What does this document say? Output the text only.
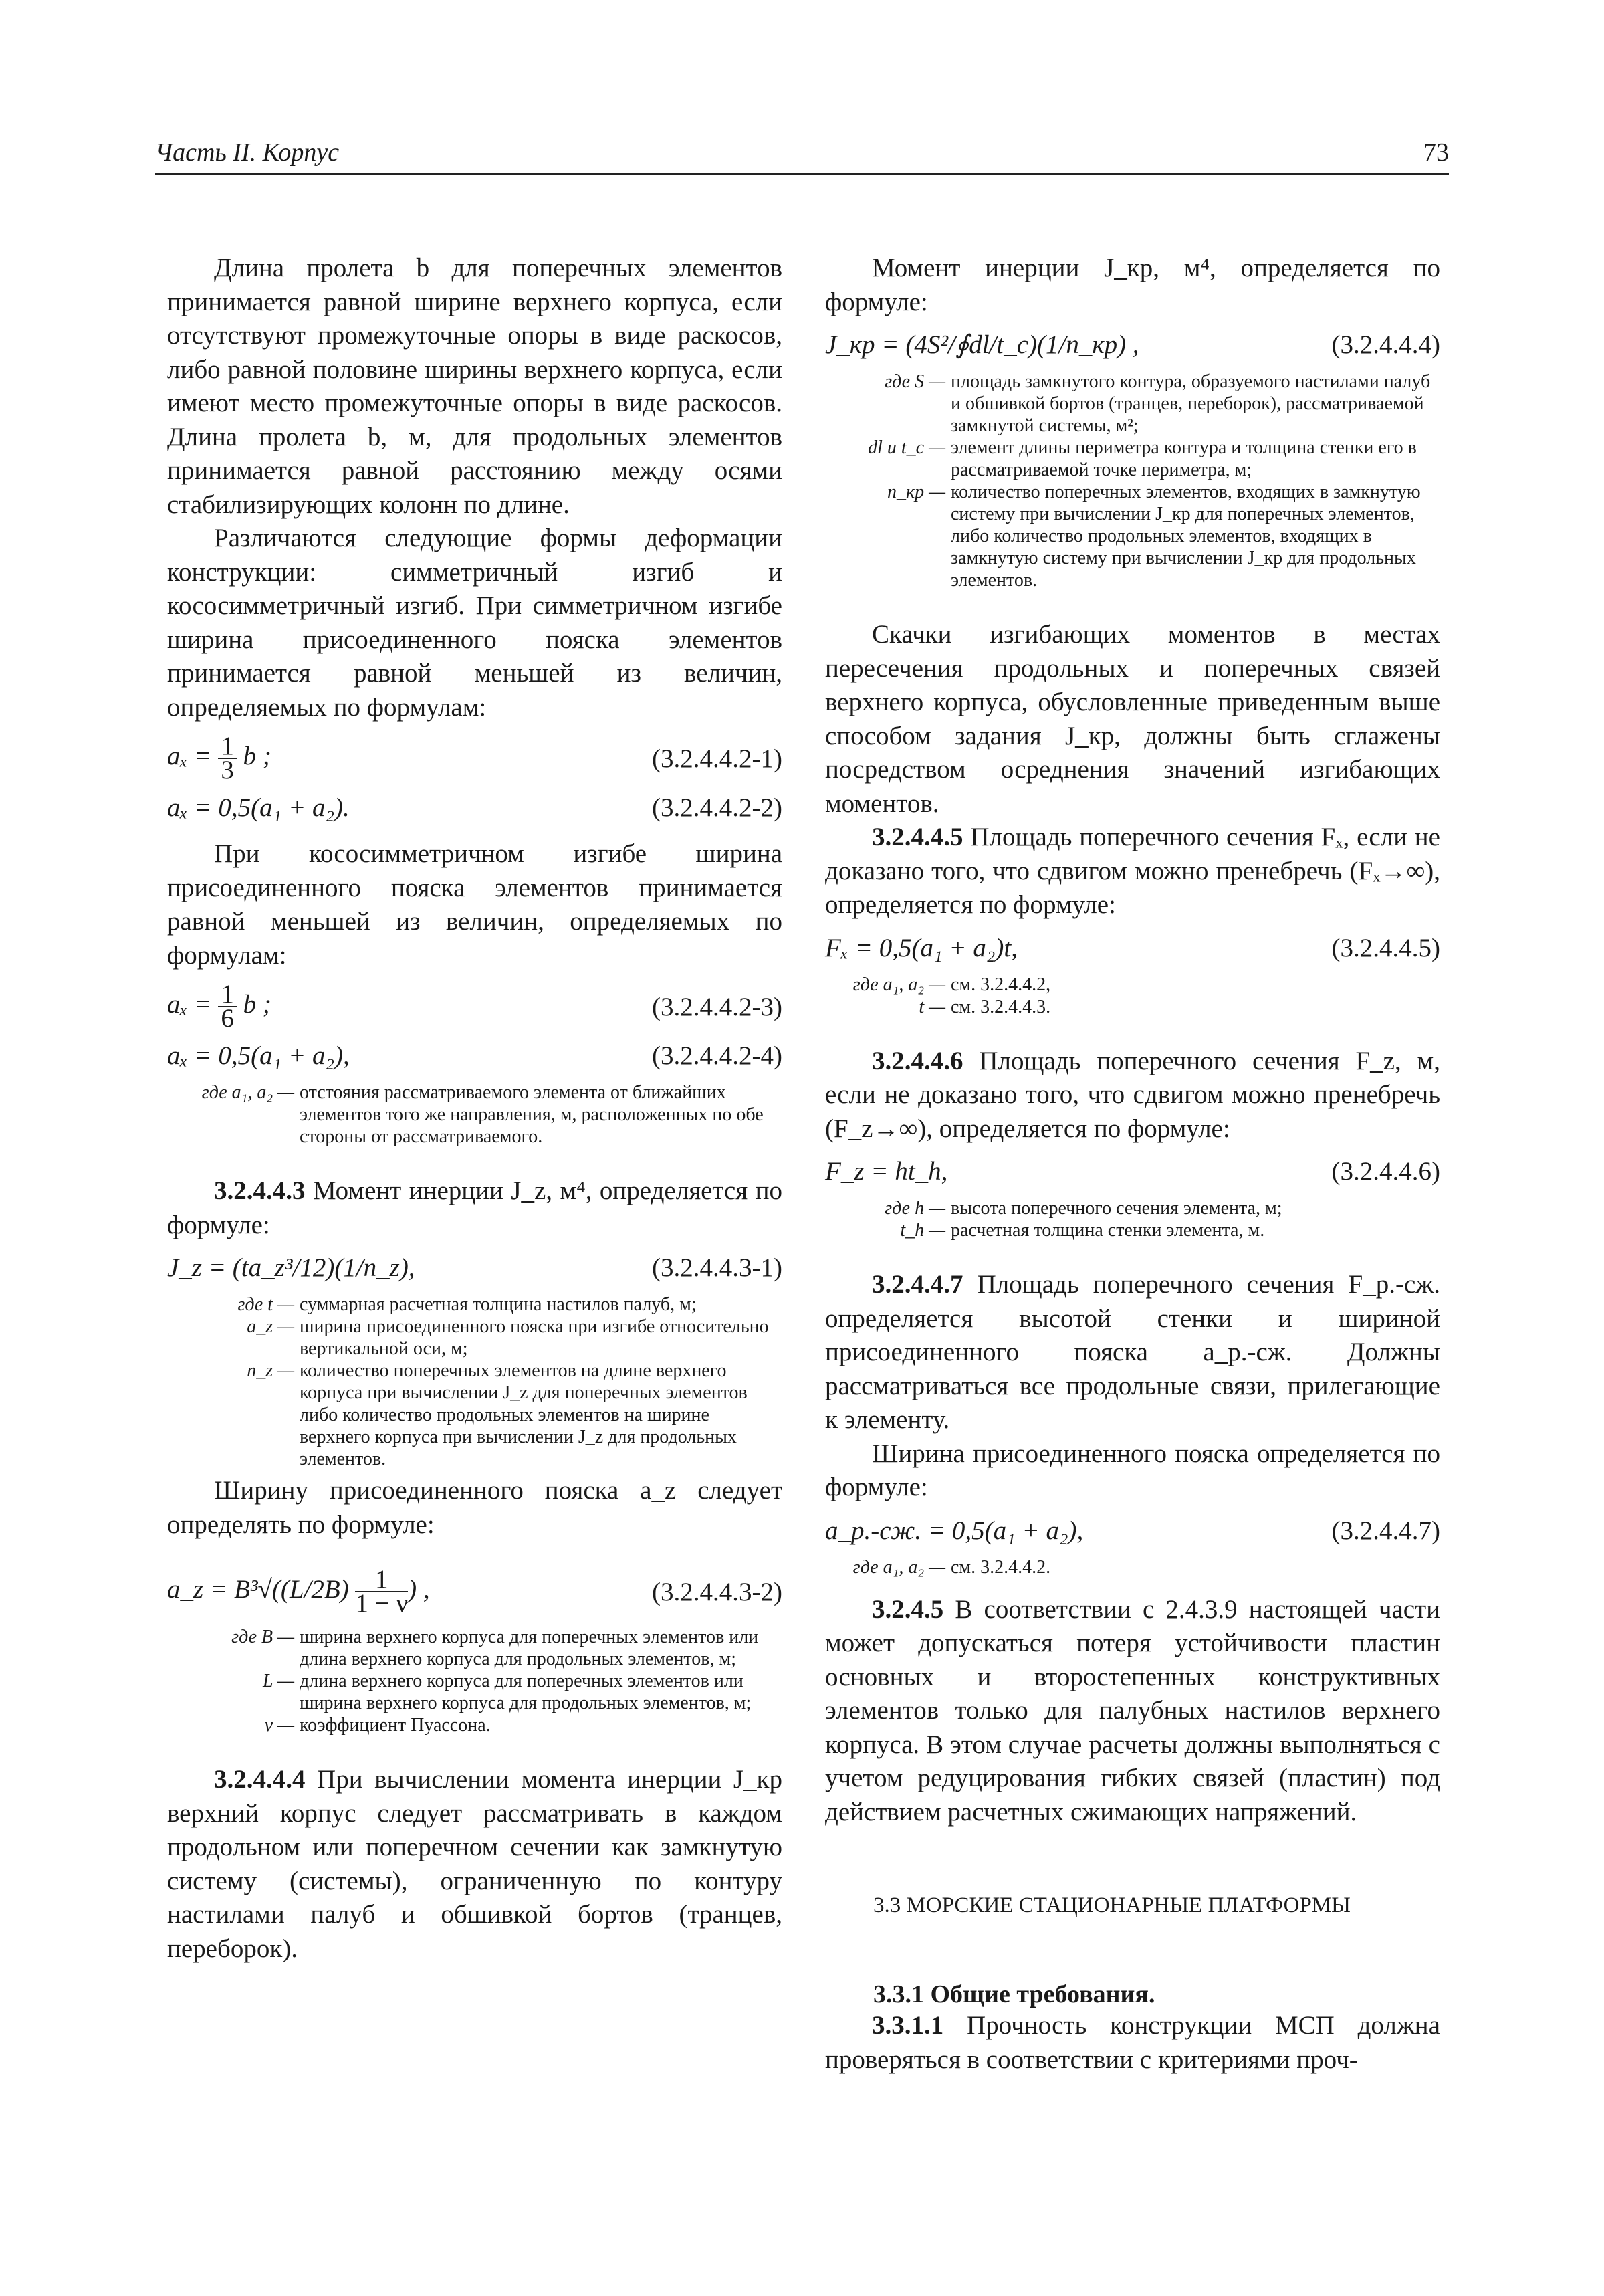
Часть II. Корпус	73

Длина пролета b для поперечных элементов принимается равной ширине верхнего корпуса, если отсутствуют промежуточные опоры в виде раскосов, либо равной половине ширины верхнего корпуса, если имеют место промежуточные опоры в виде раскосов. Длина пролета b, м, для продольных элементов принимается равной расстоянию между осями стабилизирующих колонн по длине.

Различаются следующие формы деформации конструкции: симметричный изгиб и кососимметричный изгиб. При симметричном изгибе ширина присоединенного пояска элементов принимается равной меньшей из величин, определяемых по формулам:

$a_x = \frac{1}{3}$ b ;	(3.2.4.4.2-1)
aₓ = 0,5(a₁ + a₂).	(3.2.4.4.2-2)

При кососимметричном изгибе ширина присоединенного пояска элементов принимается равной меньшей из величин, определяемых по формулам:

$a_x = \frac{1}{6}$ b ;	(3.2.4.4.2-3)
aₓ = 0,5(a₁ + a₂),	(3.2.4.4.2-4)
где a₁, a₂ — отстояния рассматриваемого элемента от ближайших элементов того же направления, м, расположенных по обе стороны от рассматриваемого.

3.2.4.4.3 Момент инерции J_z, м⁴, определяется по формуле:

J_z = (ta_z³/12)(1/n_z),	(3.2.4.4.3-1)
где t — суммарная расчетная толщина настилов палуб, м;
a_z — ширина присоединенного пояска при изгибе относительно вертикальной оси, м;
n_z — количество поперечных элементов на длине верхнего корпуса при вычислении J_z для поперечных элементов либо количество продольных элементов на ширине верхнего корпуса при вычислении J_z для продольных элементов.

Ширину присоединенного пояска a_z следует определять по формуле:

a_z = $B^3√((L/2B) \frac{1}{1 - \nu}$ ) ,	(3.2.4.4.3-2)
где B — ширина верхнего корпуса для поперечных элементов или длина верхнего корпуса для продольных элементов, м;
L — длина верхнего корпуса для поперечных элементов или ширина верхнего корпуса для продольных элементов, м;
ν — коэффициент Пуассона.

3.2.4.4.4 При вычислении момента инерции J_кр верхний корпус следует рассматривать в каждом продольном или поперечном сечении как замкнутую систему (системы), ограниченную по контуру настилами палуб и обшивкой бортов (транцев, переборок).

Момент инерции J_кр, м⁴, определяется по формуле:

J_кр = (4S²/∮dl/t_c)(1/n_кр) ,	(3.2.4.4.4)
где S — площадь замкнутого контура, образуемого настилами палуб и обшивкой бортов (транцев, переборок), рассматриваемой замкнутой системы, м²;
dl и t_c — элемент длины периметра контура и толщина стенки его в рассматриваемой точке периметра, м;
n_кр — количество поперечных элементов, входящих в замкнутую систему при вычислении J_кр для поперечных элементов, либо количество продольных элементов, входящих в замкнутую систему при вычислении J_кр для продольных элементов.

Скачки изгибающих моментов в местах пересечения продольных и поперечных связей верхнего корпуса, обусловленные приведенным выше способом задания J_кр, должны быть сглажены посредством осреднения значений изгибающих моментов.

3.2.4.4.5 Площадь поперечного сечения Fₓ, если не доказано того, что сдвигом можно пренебречь (Fₓ→∞), определяется по формуле:

Fₓ = 0,5(a₁ + a₂)t,	(3.2.4.4.5)
где a₁, a₂ — см. 3.2.4.4.2,
t — см. 3.2.4.4.3.

3.2.4.4.6 Площадь поперечного сечения F_z, м, если не доказано того, что сдвигом можно пренебречь (F_z→∞), определяется по формуле:

F_z = ht_h,	(3.2.4.4.6)
где h — высота поперечного сечения элемента, м;
t_h — расчетная толщина стенки элемента, м.

3.2.4.4.7 Площадь поперечного сечения F_р.-сж. определяется высотой стенки и шириной присоединенного пояска a_р.-сж. Должны рассматриваться все продольные связи, прилегающие к элементу.

Ширина присоединенного пояска определяется по формуле:

a_р.-сж. = 0,5(a₁ + a₂),	(3.2.4.4.7)
где a₁, a₂ — см. 3.2.4.4.2.

3.2.4.5 В соответствии с 2.4.3.9 настоящей части может допускаться потеря устойчивости пластин основных и второстепенных конструктивных элементов только для палубных настилов верхнего корпуса. В этом случае расчеты должны выполняться с учетом редуцирования гибких связей (пластин) под действием расчетных сжимающих напряжений.

3.3 МОРСКИЕ СТАЦИОНАРНЫЕ ПЛАТФОРМЫ
3.3.1 Общие требования.

3.3.1.1 Прочность конструкции МСП должна проверяться в соответствии с критериями проч-
